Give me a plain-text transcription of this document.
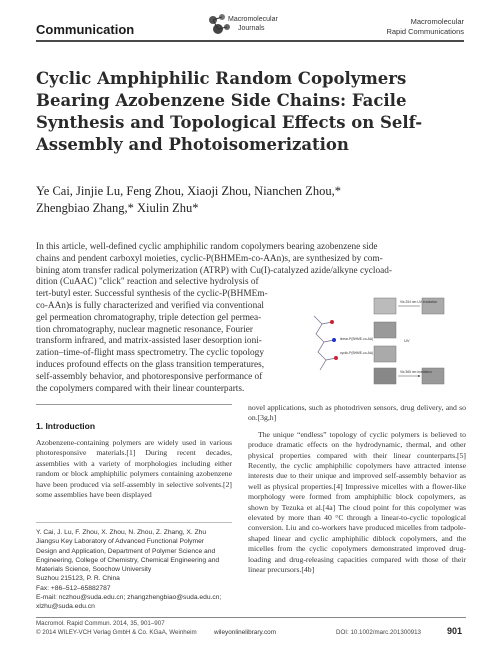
Communication
Macromolecular
Journals
Macromolecular
Rapid Communications
Cyclic Amphiphilic Random Copolymers Bearing Azobenzene Side Chains: Facile Synthesis and Topological Effects on Self-Assembly and Photoisomerization
Ye Cai, Jinjie Lu, Feng Zhou, Xiaoji Zhou, Nianchen Zhou,*
Zhengbiao Zhang,* Xiulin Zhu*
In this article, well-defined cyclic amphiphilic random copolymers bearing azobenzene side
chains and pendent carboxyl moieties, cyclic-P(BHMEm-co-AAn)s, are synthesized by com-
bining atom transfer radical polymerization (ATRP) with Cu(I)-catalyzed azide/alkyne cycload-
dition (CuAAC) "click" reaction and selective hydrolysis of
tert-butyl ester. Successful synthesis of the cyclic-P(BHMEm-
co-AAn)s is fully characterized and verified via conventional
gel permeation chromatography, triple detection gel permea-
tion chromatography, nuclear magnetic resonance, Fourier
transform infrared, and matrix-assisted laser desorption ioni-
zation–time-of-flight mass spectrometry. The cyclic topology
induces profound effects on the glass transition temperatures,
self-assembly behavior, and photoresponsive performance of
the copolymers compared with their linear counterparts.
Vis 254 nm UV irradiation
linear-P(BHME-co-AA)	UV
Vis 365 nm irradiation
cyclic-P(BHME-co-AA)
1. Introduction
Azobenzene-containing polymers are widely used in various photoresponsive materials.[1] During recent decades, assemblies with a variety of morphologies including either random or block amphiphilic polymers containing azobenzene have been produced via self-assembly in selective solvents.[2] some assemblies have been displayed
Y. Cai, J. Lu, F. Zhou, X. Zhou, N. Zhou, Z. Zhang, X. Zhu
Jiangsu Key Laboratory of Advanced Functional Polymer
Design and Application, Department of Polymer Science and
Engineering, College of Chemistry, Chemical Engineering and
Materials Science, Soochow University
Suzhou 215123, P. R. China
Fax: +86–512–65882787
E-mail: nczhou@suda.edu.cn; zhangzhengbiao@suda.edu.cn;
xlzhu@suda.edu.cn

novel applications, such as photodriven sensors, drug delivery, and so on.[3g,h]

The unique “endless” topology of cyclic polymers is believed to produce dramatic effects on the hydrodynamic, thermal, and other physical properties compared with their linear counterparts.[5] Recently, the cyclic amphiphilic copolymers have attracted intense interests due to their unique and improved self-assembly behavior as well as physical properties.[4] Impressive micelles with a flower-like morphology were formed from amphiphilic block copolymers, as shown by Tezuka et al.[4a] The cloud point for this copolymer was elevated by more than 40 °C through a linear-to-cyclic topological conversion. Liu and co-workers have produced micelles from tadpole-shaped linear and cyclic amphiphilic diblock copolymers, and the micelles from the cyclic copolymers demonstrated improved drug-loading and drug-releasing capacities compared with those of their linear precursors.[4b]

Macromol. Rapid Commun. 2014, 35, 901–907
© 2014 WILEY-VCH Verlag GmbH & Co. KGaA, Weinheim	wileyonlinelibrary.com	DOI: 10.1002/marc.201300913	901
